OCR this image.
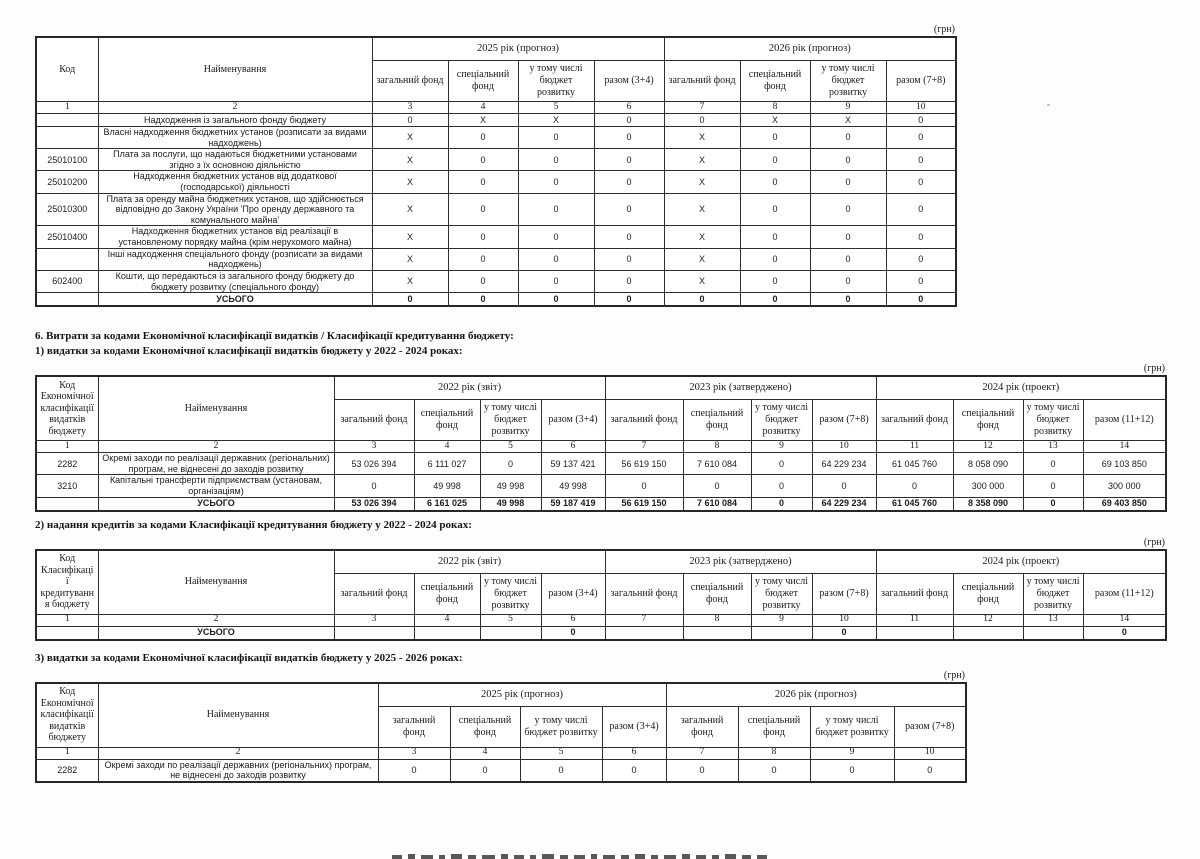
(грн)
Код	Найменування	2025 рік (прогноз)				2026 рік (прогноз)			
		загальний фонд	спеціальний фонд	у тому числі бюджет розвитку	разом (3+4)	загальний фонд	спеціальний фонд	у тому числі бюджет розвитку	разом (7+8)
1	2	3	4	5	6	7	8	9	10
	Надходження із загального фонду бюджету	0	X	X	0	0	X	X	0
	Власні надходження бюджетних установ (розписати за видами надходжень)	X	0	0	0	X	0	0	0
25010100	Плата за послуги, що надаються бюджетними установами згідно з їх основною діяльністю	X	0	0	0	X	0	0	0
25010200	Надходження бюджетних установ від додаткової (господарської) діяльності	X	0	0	0	X	0	0	0
25010300	Плата за оренду майна бюджетних установ, що здійснюється відповідно до Закону України 'Про оренду державного та комунального майна'	X	0	0	0	X	0	0	0
25010400	Надходження бюджетних установ від реалізації в установленому порядку майна (крім нерухомого майна)	X	0	0	0	X	0	0	0
	Інші надходження спеціального фонду (розписати за видами надходжень)	X	0	0	0	X	0	0	0
602400	Кошти, що передаються із загального фонду бюджету до бюджету розвитку (спеціального фонду)	X	0	0	0	X	0	0	0
	УСЬОГО	0	0	0	0	0	0	0	0
6. Витрати за кодами Економічної класифікації видатків / Класифікації кредитування бюджету:
1) видатки за кодами Економічної класифікації видатків бюджету у 2022 - 2024 роках:
(грн)
Код Економічної класифікації видатків бюджету	Найменування	2022 рік (звіт)				2023 рік (затверджено)				2024 рік (проект)			
		загальний фонд	спеціальний фонд	у тому числі бюджет розвитку	разом (3+4)	загальний фонд	спеціальний фонд	у тому числі бюджет розвитку	разом (7+8)	загальний фонд	спеціальний фонд	у тому числі бюджет розвитку	разом (11+12)
1	2	3	4	5	6	7	8	9	10	11	12	13	14
2282	Окремі заходи по реалізації державних (регіональних) програм, не віднесені до заходів розвитку	53 026 394	6 111 027	0	59 137 421	56 619 150	7 610 084	0	64 229 234	61 045 760	8 058 090	0	69 103 850
3210	Капітальні трансферти підприємствам (установам, організаціям)	0	49 998	49 998	49 998	0	0	0	0	0	300 000	0	300 000
	УСЬОГО	53 026 394	6 161 025	49 998	59 187 419	56 619 150	7 610 084	0	64 229 234	61 045 760	8 358 090	0	69 403 850
2) надання кредитів за кодами Класифікації кредитування бюджету у 2022 - 2024 роках:
(грн)
Код Класифікації кредитування бюджету	Найменування	2022 рік (звіт)				2023 рік (затверджено)				2024 рік (проект)			
		загальний фонд	спеціальний фонд	у тому числі бюджет розвитку	разом (3+4)	загальний фонд	спеціальний фонд	у тому числі бюджет розвитку	разом (7+8)	загальний фонд	спеціальний фонд	у тому числі бюджет розвитку	разом (11+12)
1	2	3	4	5	6	7	8	9	10	11	12	13	14
	УСЬОГО				0				0				0
3) видатки за кодами Економічної класифікації видатків бюджету у 2025 - 2026 роках:
(грн)
Код Економічної класифікації видатків бюджету	Найменування	2025 рік (прогноз)				2026 рік (прогноз)			
		загальний фонд	спеціальний фонд	у тому числі бюджет розвитку	разом (3+4)	загальний фонд	спеціальний фонд	у тому числі бюджет розвитку	разом (7+8)
1	2	3	4	5	6	7	8	9	10
2282	Окремі заходи по реалізації державних (регіональних) програм, не віднесені до заходів розвитку	0	0	0	0	0	0	0	0
